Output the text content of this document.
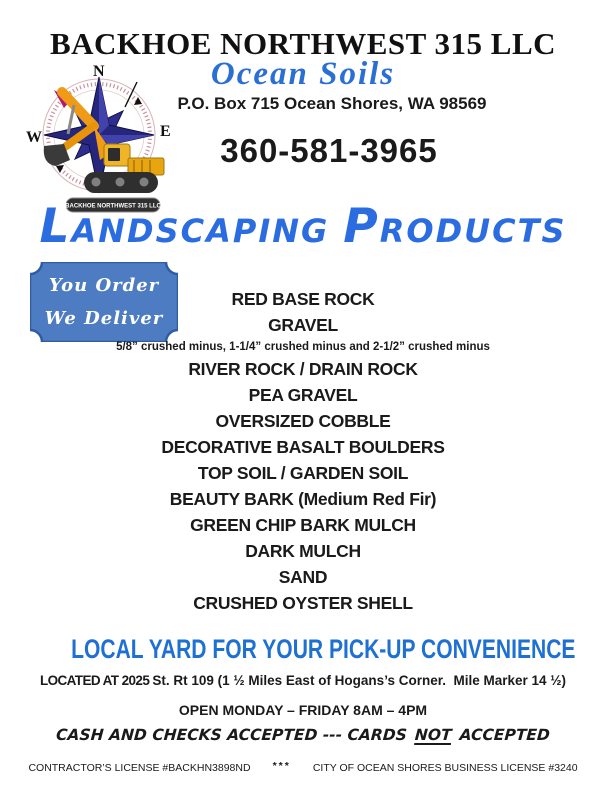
BACKHOE NORTHWEST 315 LLC
Ocean Soils
N
W	E
BACKHOE NORTHWEST 315 LLC
P.O. Box 715 Ocean Shores, WA 98569
360-581-3965
LANDSCAPING PRODUCTS
You Order
We Deliver
RED BASE ROCK
GRAVEL
5/8” crushed minus, 1-1/4” crushed minus and 2-1/2” crushed minus
RIVER ROCK / DRAIN ROCK
PEA GRAVEL
OVERSIZED COBBLE
DECORATIVE BASALT BOULDERS
TOP SOIL / GARDEN SOIL
BEAUTY BARK (Medium Red Fir)
GREEN CHIP BARK MULCH
DARK MULCH
SAND
CRUSHED OYSTER SHELL
LOCAL YARD FOR YOUR PICK-UP CONVENIENCE
LOCATED AT 2025 St. Rt 109 (1 ½ Miles East of Hogans’s Corner.  Mile Marker 14 ½)
OPEN MONDAY – FRIDAY 8AM – 4PM
CASH AND CHECKS ACCEPTED --- CARDS NOT ACCEPTED
CONTRACTOR’S LICENSE #BACKHN3898ND *** CITY OF OCEAN SHORES BUSINESS LICENSE #3240
